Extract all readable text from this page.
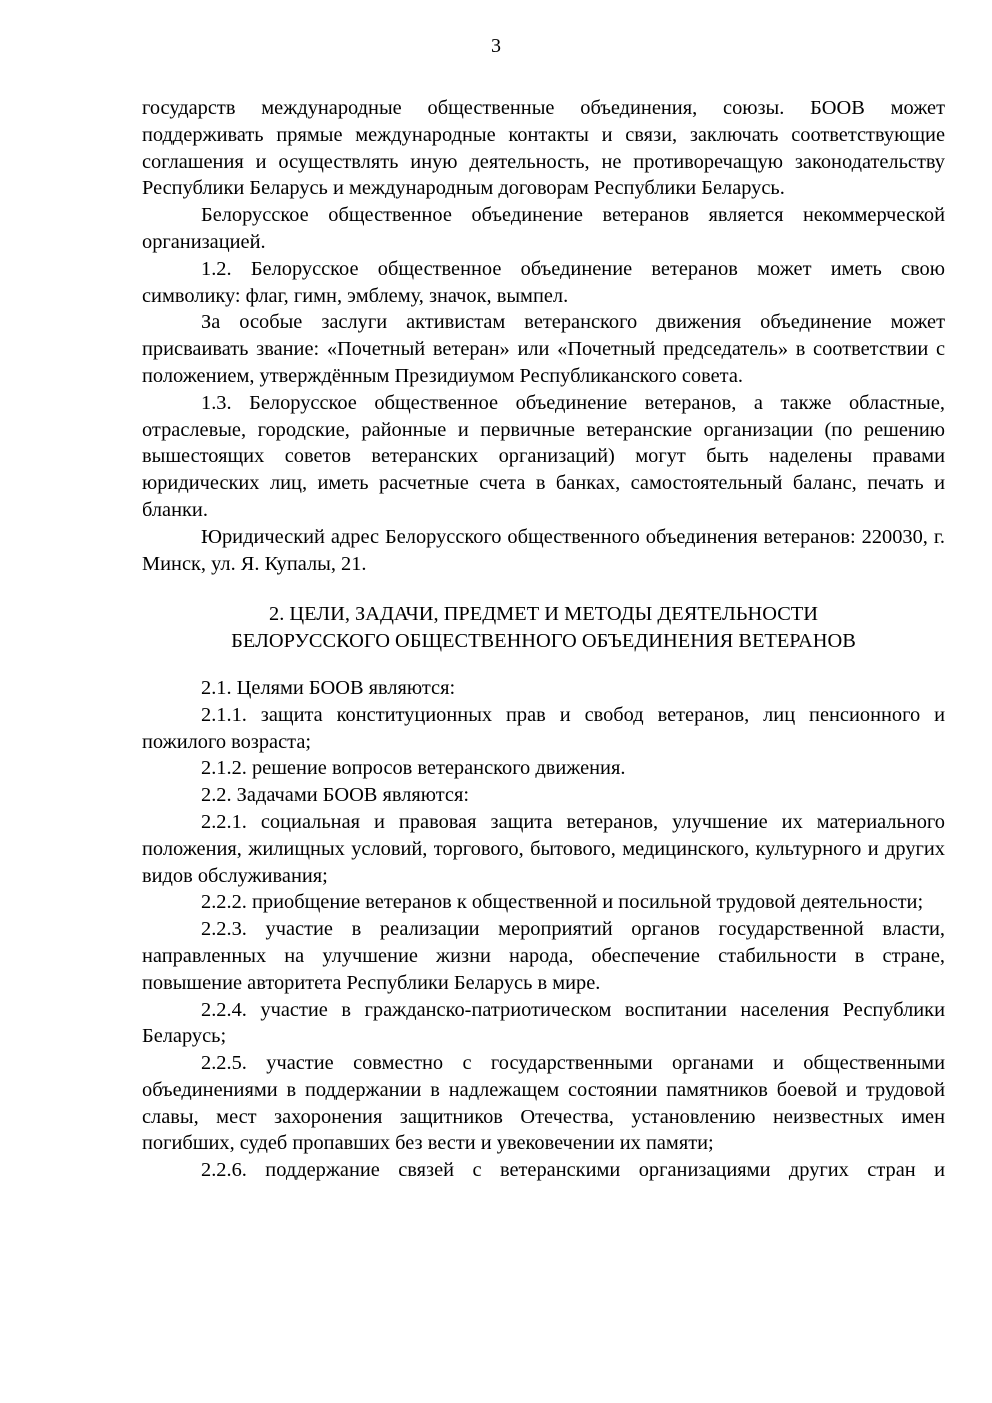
3

государств международные общественные объединения, союзы. БООВ может поддерживать прямые международные контакты и связи, заключать соответствующие соглашения и осуществлять иную деятельность, не противоречащую законодательству Республики Беларусь и международным договорам Республики Беларусь.

Белорусское общественное объединение ветеранов является некоммерческой организацией.

1.2. Белорусское общественное объединение ветеранов может иметь свою символику: флаг, гимн, эмблему, значок, вымпел.

За особые заслуги активистам ветеранского движения объединение может присваивать звание: «Почетный ветеран» или «Почетный председатель» в соответствии с положением, утверждённым Президиумом Республиканского совета.

1.3. Белорусское общественное объединение ветеранов, а также областные, отраслевые, городские, районные и первичные ветеранские организации (по решению вышестоящих советов ветеранских организаций) могут быть наделены правами юридических лиц, иметь расчетные счета в банках, самостоятельный баланс, печать и бланки.

Юридический адрес Белорусского общественного объединения ветеранов: 220030, г. Минск, ул. Я. Купалы, 21.

2. ЦЕЛИ, ЗАДАЧИ, ПРЕДМЕТ И МЕТОДЫ ДЕЯТЕЛЬНОСТИ
БЕЛОРУССКОГО ОБЩЕСТВЕННОГО ОБЪЕДИНЕНИЯ ВЕТЕРАНОВ

2.1. Целями БООВ являются:

2.1.1. защита конституционных прав и свобод ветеранов, лиц пенсионного и пожилого возраста;

2.1.2. решение вопросов ветеранского движения.

2.2. Задачами БООВ являются:

2.2.1. социальная и правовая защита ветеранов, улучшение их материального положения, жилищных условий, торгового, бытового, медицинского, культурного и других видов обслуживания;

2.2.2. приобщение ветеранов к общественной и посильной трудовой деятельности;

2.2.3. участие в реализации мероприятий органов государственной власти, направленных на улучшение жизни народа, обеспечение стабильности в стране, повышение авторитета Республики Беларусь в мире.

2.2.4. участие в гражданско-патриотическом воспитании населения Республики Беларусь;

2.2.5. участие совместно с государственными органами и общественными объединениями в поддержании в надлежащем состоянии памятников боевой и трудовой славы, мест захоронения защитников Отечества, установлению неизвестных имен погибших, судеб пропавших без вести и увековечении их памяти;

2.2.6. поддержание связей с ветеранскими организациями других стран и
